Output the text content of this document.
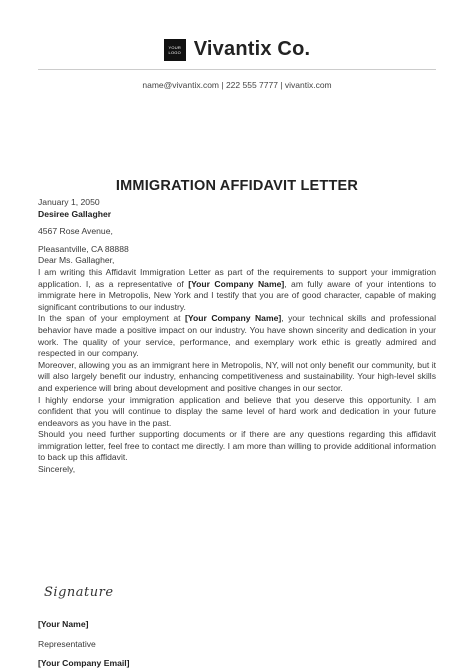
YOUR
LOGO Vivantix Co.
name@vivantix.com | 222 555 7777 | vivantix.com
IMMIGRATION AFFIDAVIT LETTER
January 1, 2050
Desiree Gallagher
4567 Rose Avenue,
Pleasantville, CA 88888
Dear Ms. Gallagher,

I am writing this Affidavit Immigration Letter as part of the requirements to support your immigration application. I, as a representative of [Your Company Name], am fully aware of your intentions to immigrate here in Metropolis, New York and I testify that you are of good character, capable of making significant contributions to our industry.

In the span of your employment at [Your Company Name], your technical skills and professional behavior have made a positive impact on our industry. You have shown sincerity and dedication in your work. The quality of your service, performance, and exemplary work ethic is greatly admired and respected in our company.

Moreover, allowing you as an immigrant here in Metropolis, NY, will not only benefit our community, but it will also largely benefit our industry, enhancing competitiveness and sustainability. Your high-level skills and experience will bring about development and positive changes in our sector.

I highly endorse your immigration application and believe that you deserve this opportunity. I am confident that you will continue to display the same level of hard work and dedication in your future endeavors as you have in the past.

Should you need further supporting documents or if there are any questions regarding this affidavit immigration letter, feel free to contact me directly. I am more than willing to provide additional information to back up this affidavit.

Sincerely,
Signature
[Your Name]
Representative
[Your Company Email]
